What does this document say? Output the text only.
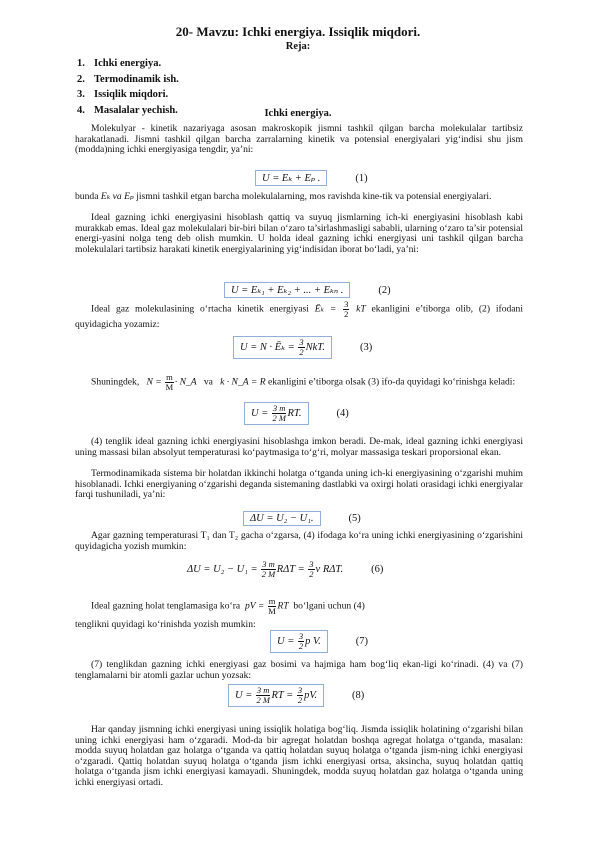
20- Mavzu: Ichki energiya. Issiqlik miqdori.
Reja:
1. Ichki energiya.
2. Termodinamik ish.
3. Issiqlik miqdori.
4. Masalalar yechish.	Ichki energiya.

Molekulyar - kinetik nazariyaga asosan makroskopik jismni tashkil qilgan barcha molekulalar tartibsiz harakatlanadi. Jismni tashkil qilgan barcha zarralarning kinetik va potensial energiyalari yig‘indisi shu jism (modda)ning ichki energiyasiga tengdir, ya’ni:

U = Eₖ + Eₚ .	(1)

bunda Eₖ va Eₚ jismni tashkil etgan barcha molekulalarning, mos ravishda kine-tik va potensial energiyalari.

Ideal gazning ichki energiyasini hisoblash qattiq va suyuq jismlarning ich-ki energiyasini hisoblash kabi murakkab emas. Ideal gaz molekulalari bir-biri bilan o‘zaro ta’sirlashmasligi sababli, ularning o‘zaro ta’sir potensial energi-yasini nolga teng deb olish mumkin. U holda ideal gazning ichki energiyasi uni tashkil qilgan barcha molekulalari tartibsiz harakati kinetik energiyalarining yig‘indisidan iborat bo‘ladi, ya’ni:

U = Eₖ₁ + Eₖ₂ + ... + Eₖₙ .	(2)
Ideal gaz molekulasining o‘rtacha kinetik energiyasi Ēₖ = $\frac{3}{2}$ kT ekanligini e’tiborga olib, (2) ifodani quyidagicha yozamiz:
U = N · Ēₖ = $\frac{3}{2}$ NkT.	(3)
Shuningdek, $N = \frac{m}{M}$ · N_A va k · N_A = R ekanligini e’tiborga olsak (3) ifo-da quyidagi ko‘rinishga keladi:
$U = \frac{3 m}{2 M}$ RT.	(4)

(4) tenglik ideal gazning ichki energiyasini hisoblashga imkon beradi. De-mak, ideal gazning ichki energiyasi uning massasi bilan absolyut temperaturasi ko‘paytmasiga to‘g‘ri, molyar massasiga teskari proporsional ekan.

Termodinamikada sistema bir holatdan ikkinchi holatga o‘tganda uning ich-ki energiyasining o‘zgarishi muhim hisoblanadi. Ichki energiyaning o‘zgarishi deganda sistemaning dastlabki va oxirgi holati orasidagi ichki energiyalar farqi tushuniladi, ya’ni:

ΔU = U₂ − U₁.	(5)

Agar gazning temperaturasi T₁ dan T₂ gacha o‘zgarsa, (4) ifodaga ko‘ra uning ichki energiyasining o‘zgarishini quyidagicha yozish mumkin:

ΔU = U₂ − U₁ =
$\frac{3 m}{2 M}$ RΔT =
$\frac{3}{2}$ ν RΔT.	(6)
Ideal gazning holat tenglamasiga ko‘ra pV = $\frac{m}{M}$ RT bo‘lgani uchun (4)
tenglikni quyidagi ko‘rinishda yozish mumkin:
$U = \frac{3}{2}$ p V.	(7)

(7) tenglikdan gazning ichki energiyasi gaz bosimi va hajmiga ham bog‘liq ekan-ligi ko‘rinadi. (4) va (7) tenglamalarni bir atomli gazlar uchun yozsak:

$U = \frac{3 m}{2 M}$ RT = $\frac{3}{2}$ pV.	(8)

Har qanday jismning ichki energiyasi uning issiqlik holatiga bog‘liq. Jismda issiqlik holatining o‘zgarishi bilan uning ichki energiyasi ham o‘zgaradi. Mod-da bir agregat holatdan boshqa agregat holatga o‘tganda, masalan: modda suyuq holatdan gaz holatga o‘tganda va qattiq holatdan suyuq holatga o‘tganda jism-ning ichki energiyasi o‘zgaradi. Qattiq holatdan suyuq holatga o‘tganda jism ichki energiyasi ortsa, aksincha, suyuq holatdan qattiq holatga o‘tganda jism ichki energiyasi kamayadi. Shuningdek, modda suyuq holatdan gaz holatga o‘tganda uning ichki energiyasi ortadi.
